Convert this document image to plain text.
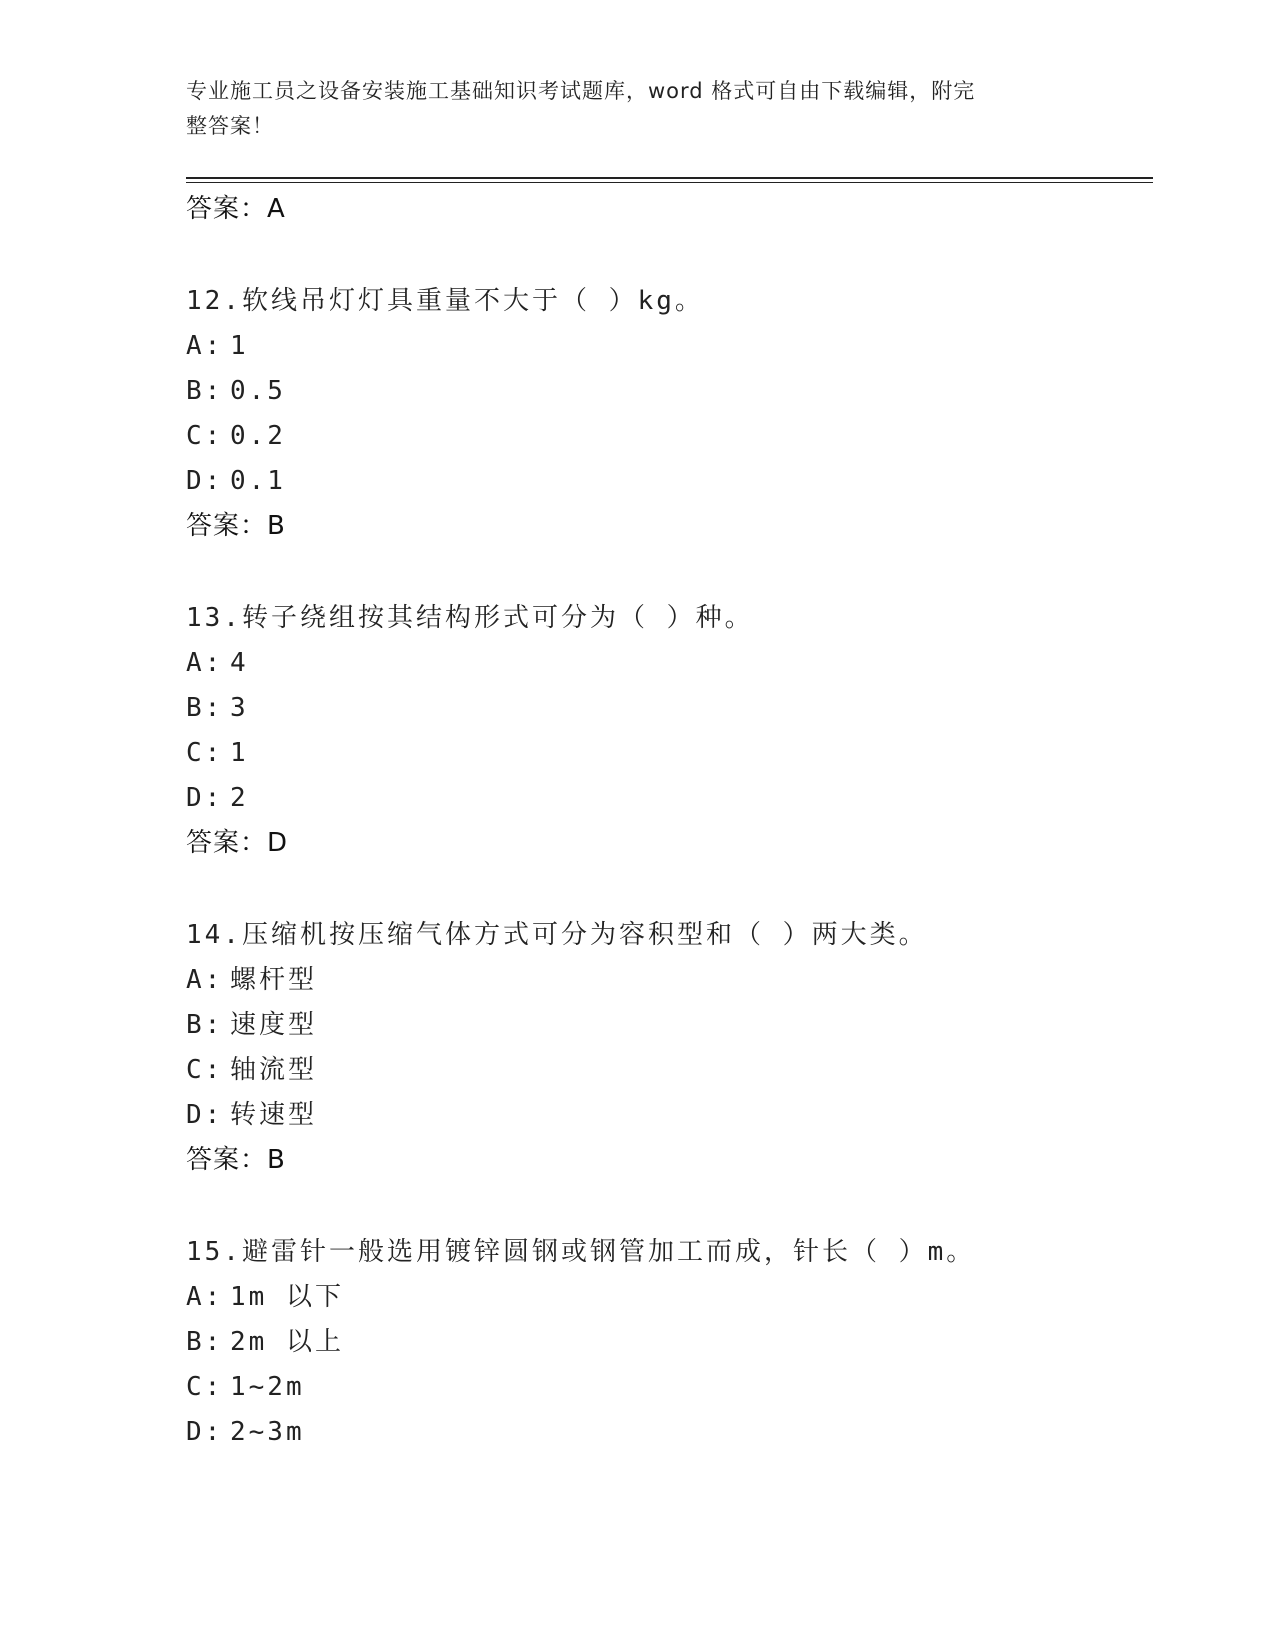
专业施工员之设备安装施工基础知识考试题库，word 格式可自由下载编辑，附完
整答案！
答案：A
12.软线吊灯灯具重量不大于（ ）kg。
A: 1
B: 0.5
C: 0.2
D: 0.1
答案：B
13.转子绕组按其结构形式可分为（ ）种。
A: 4
B: 3
C: 1
D: 2
答案：D
14.压缩机按压缩气体方式可分为容积型和（ ）两大类。
A: 螺杆型
B: 速度型
C: 轴流型
D: 转速型
答案：B
15.避雷针一般选用镀锌圆钢或钢管加工而成，针长（ ）m。
A: 1m 以下
B: 2m 以上
C: 1~2m
D: 2~3m
